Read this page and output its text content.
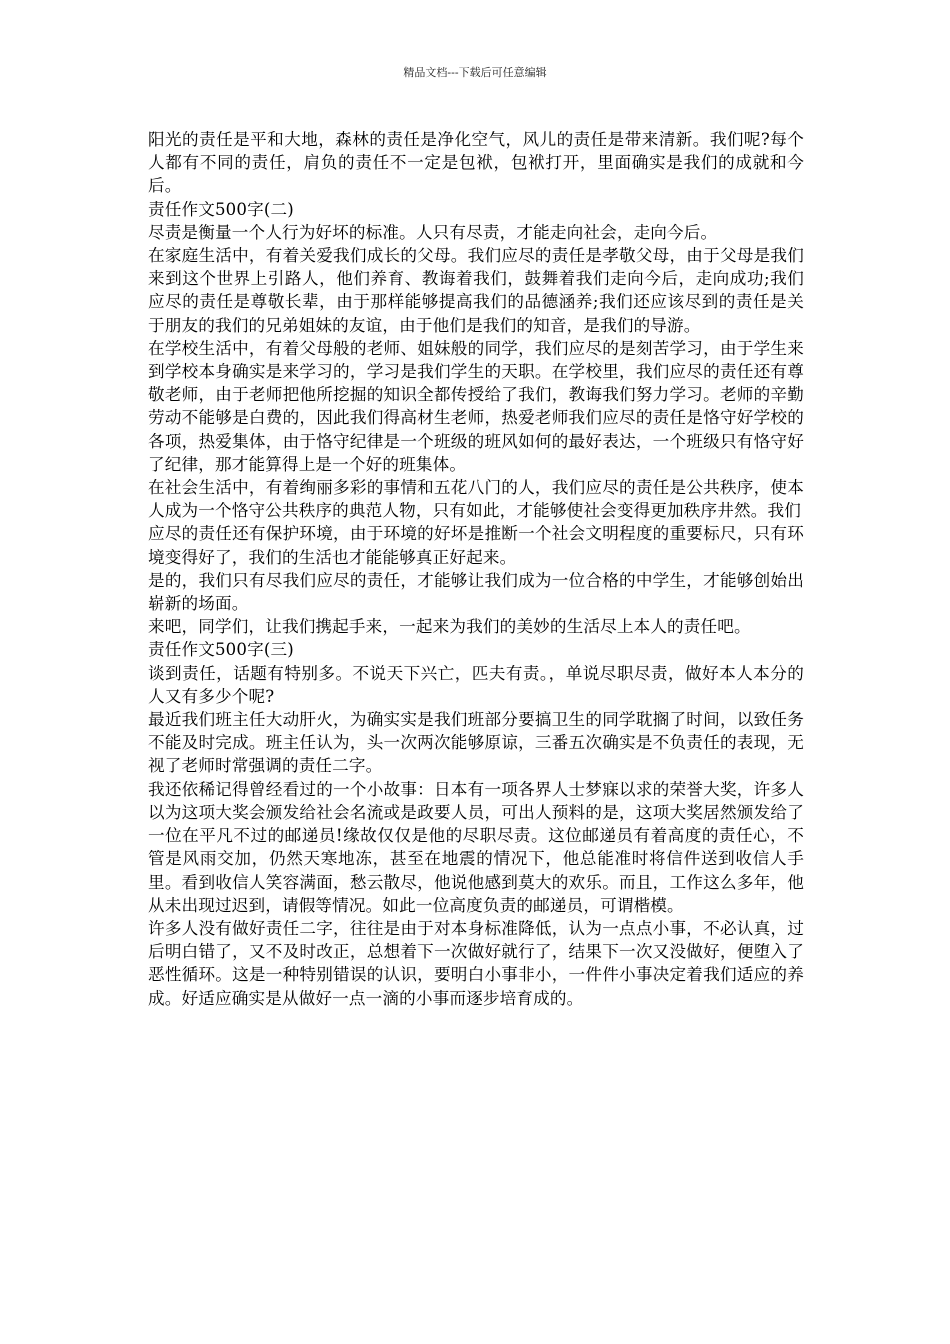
精品文档---下载后可任意编辑

阳光的责任是平和大地，森林的责任是净化空气，风儿的责任是带来清新。我们呢?每个人都有不同的责任，肩负的责任不一定是包袱，包袱打开，里面确实是我们的成就和今后。

责任作文500字(二)

尽责是衡量一个人行为好坏的标准。人只有尽责，才能走向社会，走向今后。

在家庭生活中，有着关爱我们成长的父母。我们应尽的责任是孝敬父母，由于父母是我们来到这个世界上引路人，他们养育、教诲着我们，鼓舞着我们走向今后，走向成功;我们应尽的责任是尊敬长辈，由于那样能够提高我们的品德涵养;我们还应该尽到的责任是关于朋友的我们的兄弟姐妹的友谊，由于他们是我们的知音，是我们的导游。

在学校生活中，有着父母般的老师、姐妹般的同学，我们应尽的是刻苦学习，由于学生来到学校本身确实是来学习的，学习是我们学生的天职。在学校里，我们应尽的责任还有尊敬老师，由于老师把他所挖掘的知识全都传授给了我们，教诲我们努力学习。老师的辛勤劳动不能够是白费的，因此我们得高材生老师，热爱老师我们应尽的责任是恪守好学校的各项，热爱集体，由于恪守纪律是一个班级的班风如何的最好表达，一个班级只有恪守好了纪律，那才能算得上是一个好的班集体。

在社会生活中，有着绚丽多彩的事情和五花八门的人，我们应尽的责任是公共秩序，使本人成为一个恪守公共秩序的典范人物，只有如此，才能够使社会变得更加秩序井然。我们

应尽的责任还有保护环境，由于环境的好坏是推断一个社会文明程度的重要标尺，只有环境变得好了，我们的生活也才能能够真正好起来。

是的，我们只有尽我们应尽的责任，才能够让我们成为一位合格的中学生，才能够创始出崭新的场面。

来吧，同学们，让我们携起手来，一起来为我们的美妙的生活尽上本人的责任吧。

责任作文500字(三)

谈到责任，话题有特别多。不说天下兴亡，匹夫有责。，单说尽职尽责，做好本人本分的人又有多少个呢?

最近我们班主任大动肝火，为确实实是我们班部分要搞卫生的同学耽搁了时间，以致任务不能及时完成。班主任认为，头一次两次能够原谅，三番五次确实是不负责任的表现，无视了老师时常强调的责任二字。

我还依稀记得曾经看过的一个小故事：日本有一项各界人士梦寐以求的荣誉大奖，许多人以为这项大奖会颁发给社会名流或是政要人员，可出人预料的是，这项大奖居然颁发给了一位在平凡不过的邮递员!缘故仅仅是他的尽职尽责。这位邮递员有着高度的责任心，不管是风雨交加，仍然天寒地冻，甚至在地震的情况下，他总能准时将信件送到收信人手里。看到收信人笑容满面，愁云散尽，他说他感到莫大的欢乐。而且，工作这么多年，他从未出现过迟到，请假等情况。如此一位高度负责的邮递员，可谓楷模。

许多人没有做好责任二字，往往是由于对本身标准降低，认为一点点小事，不必认真，过后明白错了，又不及时改正，总想着下一次做好就行了，结果下一次又没做好，便堕入了恶性循环。这是一种特别错误的认识，要明白小事非小，一件件小事决定着我们适应的养成。好适应确实是从做好一点一滴的小事而逐步培育成的。
